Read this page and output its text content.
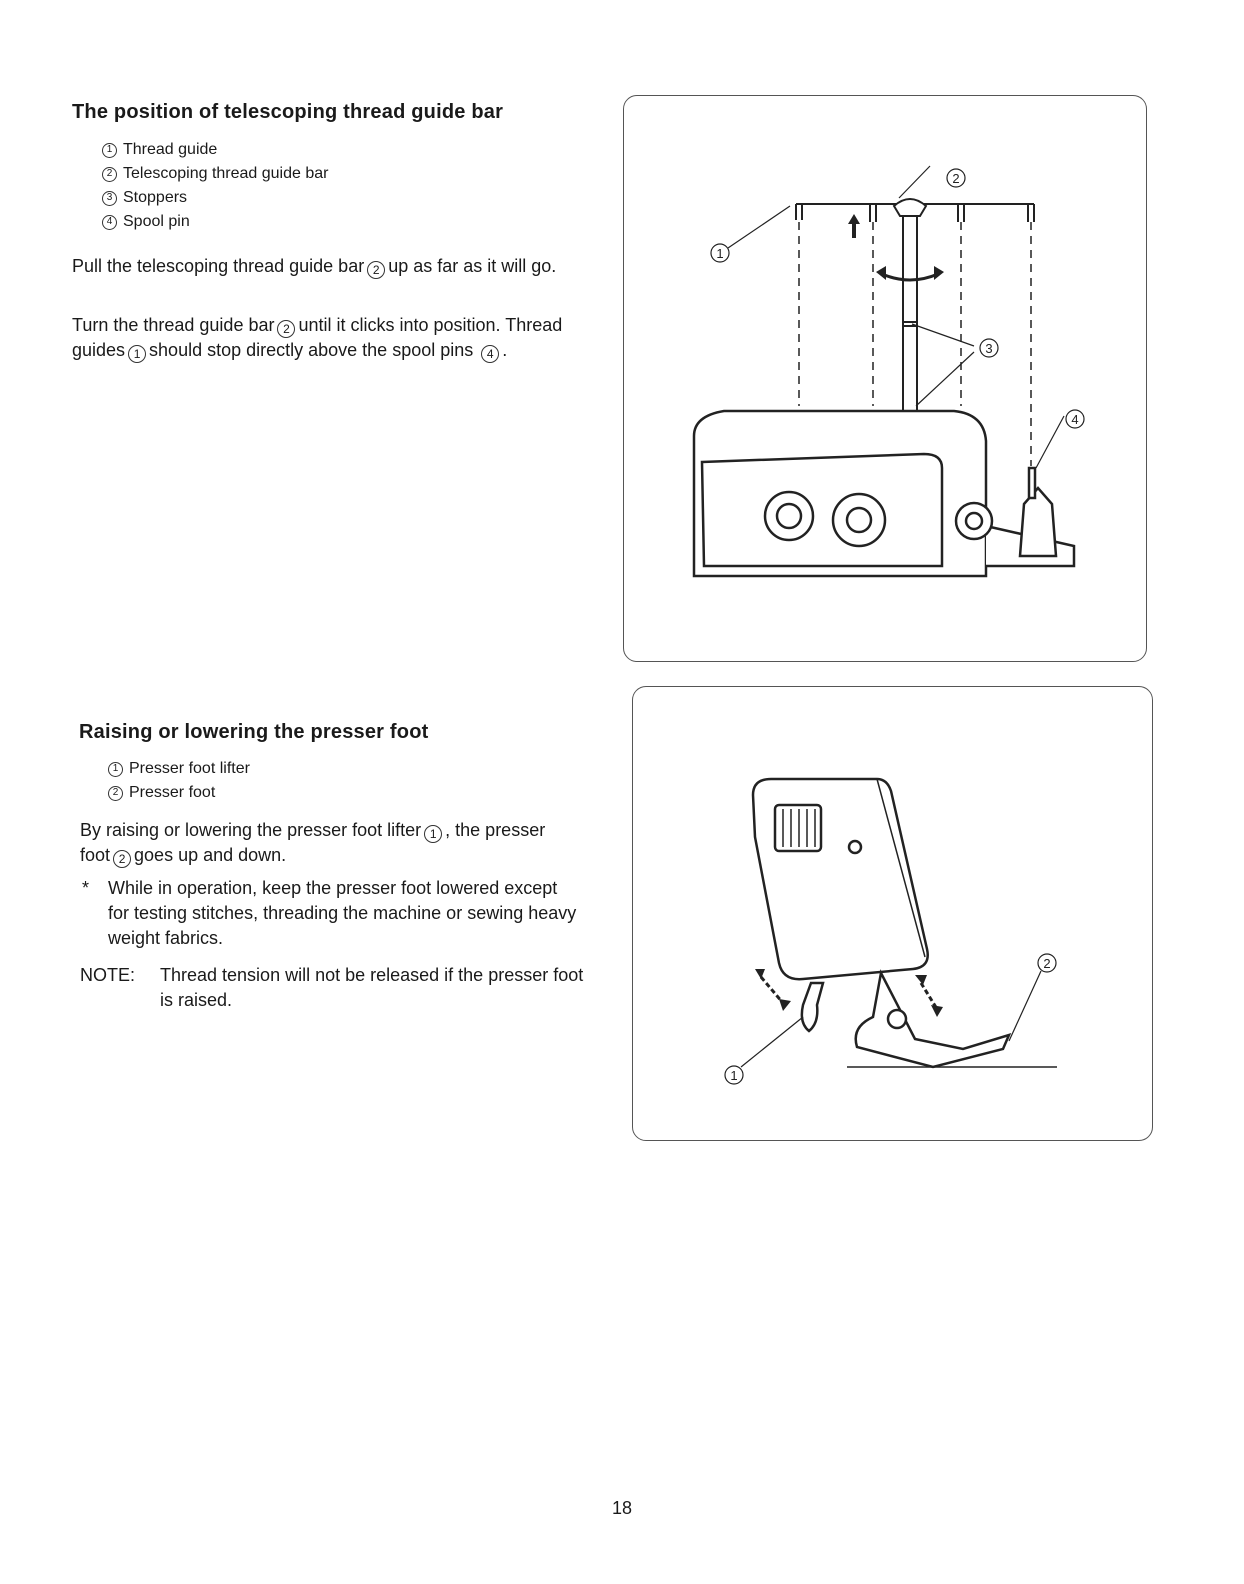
The position of telescoping thread guide bar
1 Thread guide
2 Telescoping thread guide bar
3 Stoppers
4 Spool pin

Pull the telescoping thread guide bar 2 up as far as it will go.

Turn the thread guide bar 2 until it clicks into position. Thread guides 1 should stop directly above the spool pins 4 .

1
2
3
4
Raising or lowering the presser foot
1 Presser foot lifter
2 Presser foot

By raising or lowering the presser foot lifter 1 , the presser foot 2 goes up and down.

*	While in operation, keep the presser foot lowered except for testing stitches, threading the machine or sewing heavy weight fabrics.
NOTE:	Thread tension will not be released if the presser foot is raised.
1
2
18
